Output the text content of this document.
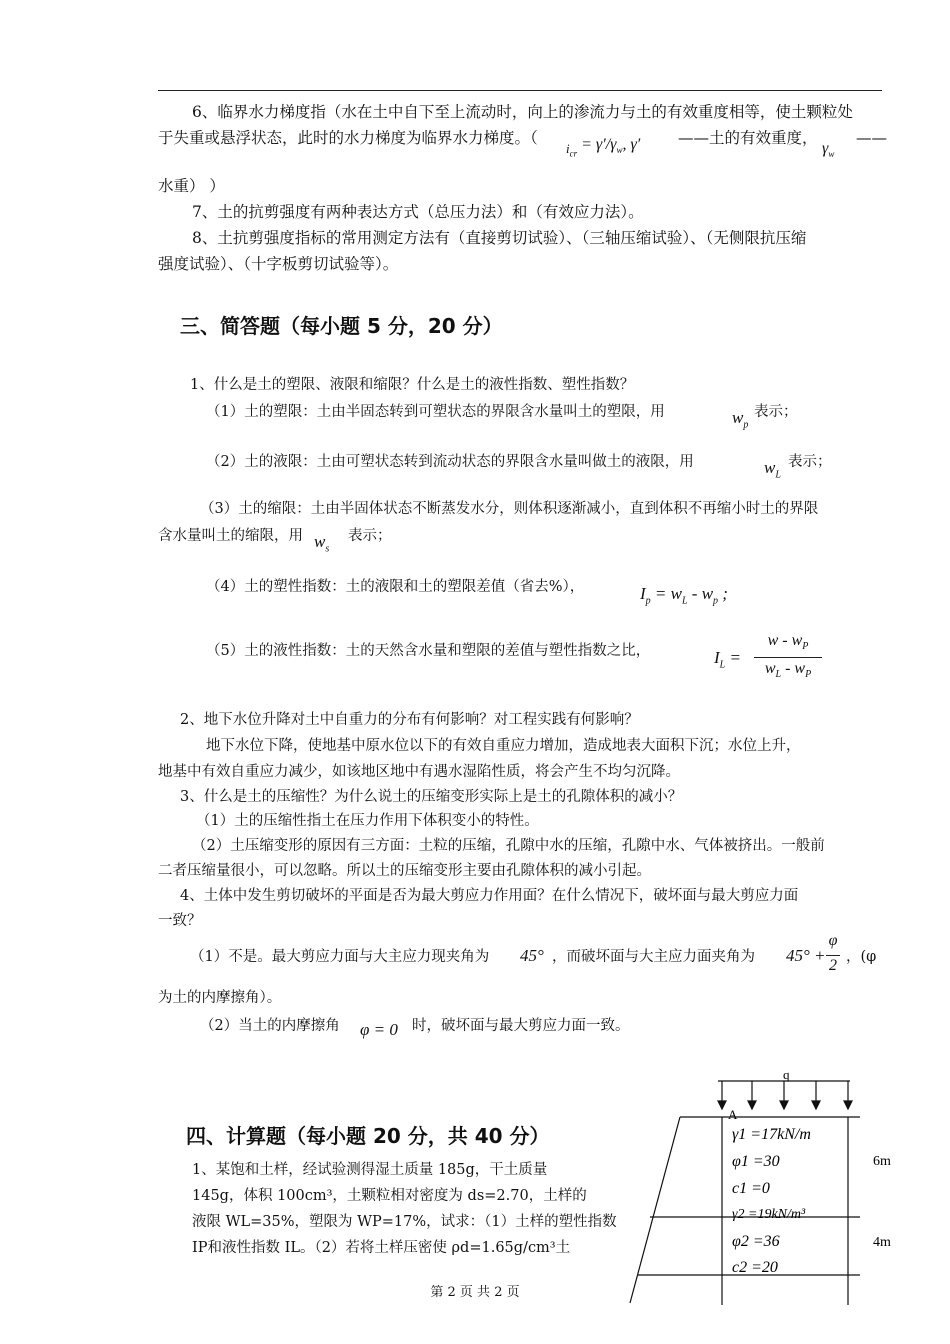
6、临界水力梯度指（水在土中自下至上流动时，向上的渗流力与土的有效重度相等，使土颗粒处
于失重或悬浮状态，此时的水力梯度为临界水力梯度。（
$_{i_{cr}} = \gamma'/\gamma_w$, γ′ ——土的有效重度，
$\gamma_w$
——
水重） ）
7、土的抗剪强度有两种表达方式（总压力法）和（有效应力法）。
8、土抗剪强度指标的常用测定方法有（直接剪切试验）、（三轴压缩试验）、（无侧限抗压缩
强度试验）、（十字板剪切试验等）。
三、简答题（每小题 5 分，20 分）
1、什么是土的塑限、液限和缩限？什么是土的液性指数、塑性指数？
（1）土的塑限：土由半固态转到可塑状态的界限含水量叫土的塑限，用	$w_p$
表示；
（2）土的液限：土由可塑状态转到流动状态的界限含水量叫做土的液限，用	$w_L$
表示；
（3）土的缩限：土由半固体状态不断蒸发水分，则体积逐渐减小，直到体积不再缩小时土的界限
含水量叫土的缩限，用 $w_s$
表示；
（4）土的塑性指数：土的液限和土的塑限差值（省去%），	$I_p = w_L - w_p$ ;
（5）土的液性指数：土的天然含水量和塑限的差值与塑性指数之比，	$I_L$ =
w - $w_P$
$w_L - w_P$
2、地下水位升降对土中自重力的分布有何影响？对工程实践有何影响？
地下水位下降，使地基中原水位以下的有效自重应力增加，造成地表大面积下沉；水位上升，
地基中有效自重应力减少，如该地区地中有遇水湿陷性质，将会产生不均匀沉降。
3、什么是土的压缩性？为什么说土的压缩变形实际上是土的孔隙体积的减小？
（1）土的压缩性指土在压力作用下体积变小的特性。
（2）土压缩变形的原因有三方面：土粒的压缩，孔隙中水的压缩，孔隙中水、气体被挤出。一般前
二者压缩量很小，可以忽略。所以土的压缩变形主要由孔隙体积的减小引起。
4、土体中发生剪切破坏的平面是否为最大剪应力作用面？在什么情况下，破坏面与最大剪应力面
一致？
（1）不是。最大剪应力面与大主应力现夹角为 45° ，而破坏面与大主应力面夹角为 45° +
φ
2 ，(φ
为土的内摩擦角）。
（2）当土的内摩擦角 φ = 0 时，破坏面与最大剪应力面一致。
四、计算题（每小题 20 分，共 40 分）
1、某饱和土样，经试验测得湿土质量 185g，干土质量
145g，体积 100cm³，土颗粒相对密度为 ds=2.70，土样的
液限 WL=35%，塑限为 WP=17%，试求：（1）土样的塑性指数
IP和液性指数 IL。（2）若将土样压密使 ρd=1.65g/cm³土
q
A
γ1 =17kN/m
φ1 =30
c1 =0
γ2 =19kN/m³
φ2 =36
c2 =20
6m
4m
第 2 页 共 2 页
